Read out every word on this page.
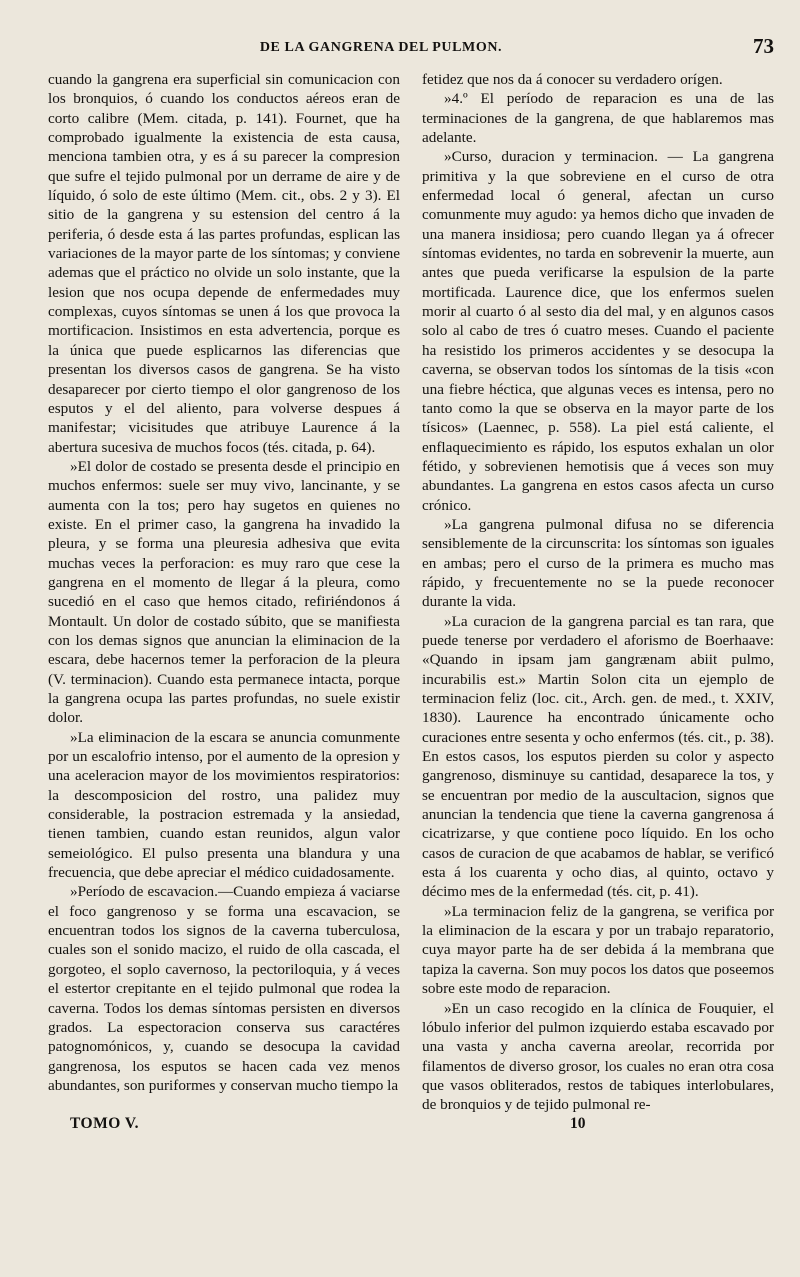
DE LA GANGRENA DEL PULMON.	73

cuando la gangrena era superficial sin comunicacion con los bronquios, ó cuando los conductos aéreos eran de corto calibre (Mem. citada, p. 141). Fournet, que ha comprobado igualmente la existencia de esta causa, menciona tambien otra, y es á su parecer la compresion que sufre el tejido pulmonal por un derrame de aire y de líquido, ó solo de este último (Mem. cit., obs. 2 y 3). El sitio de la gangrena y su estension del centro á la periferia, ó desde esta á las partes profundas, esplican las variaciones de la mayor parte de los síntomas; y conviene ademas que el práctico no olvide un solo instante, que la lesion que nos ocupa depende de enfermedades muy complexas, cuyos síntomas se unen á los que provoca la mortificacion. Insistimos en esta advertencia, porque es la única que puede esplicarnos las diferencias que presentan los diversos casos de gangrena. Se ha visto desaparecer por cierto tiempo el olor gangrenoso de los esputos y el del aliento, para volverse despues á manifestar; vicisitudes que atribuye Laurence á la abertura sucesiva de muchos focos (tés. citada, p. 64).

»El dolor de costado se presenta desde el principio en muchos enfermos: suele ser muy vivo, lancinante, y se aumenta con la tos; pero hay sugetos en quienes no existe. En el primer caso, la gangrena ha invadido la pleura, y se forma una pleuresia adhesiva que evita muchas veces la perforacion: es muy raro que cese la gangrena en el momento de llegar á la pleura, como sucedió en el caso que hemos citado, refiriéndonos á Montault. Un dolor de costado súbito, que se manifiesta con los demas signos que anuncian la eliminacion de la escara, debe hacernos temer la perforacion de la pleura (V. terminacion). Cuando esta permanece intacta, porque la gangrena ocupa las partes profundas, no suele existir dolor.

»La eliminacion de la escara se anuncia comunmente por un escalofrio intenso, por el aumento de la opresion y una aceleracion mayor de los movimientos respiratorios: la descomposicion del rostro, una palidez muy considerable, la postracion estremada y la ansiedad, tienen tambien, cuando estan reunidos, algun valor semeiológico. El pulso presenta una blandura y una frecuencia, que debe apreciar el médico cuidadosamente.

»Período de escavacion.—Cuando empieza á vaciarse el foco gangrenoso y se forma una escavacion, se encuentran todos los signos de la caverna tuberculosa, cuales son el sonido macizo, el ruido de olla cascada, el gorgoteo, el soplo cavernoso, la pectoriloquia, y á veces el estertor crepitante en el tejido pulmonal que rodea la caverna. Todos los demas síntomas persisten en diversos grados. La espectoracion conserva sus caractéres patognomónicos, y, cuando se desocupa la cavidad gangrenosa, los esputos se hacen cada vez menos abundantes, son puriformes y conservan mucho tiempo la

fetidez que nos da á conocer su verdadero orígen.

»4.º El período de reparacion es una de las terminaciones de la gangrena, de que hablaremos mas adelante.

»Curso, duracion y terminacion. — La gangrena primitiva y la que sobreviene en el curso de otra enfermedad local ó general, afectan un curso comunmente muy agudo: ya hemos dicho que invaden de una manera insidiosa; pero cuando llegan ya á ofrecer síntomas evidentes, no tarda en sobrevenir la muerte, aun antes que pueda verificarse la espulsion de la parte mortificada. Laurence dice, que los enfermos suelen morir al cuarto ó al sesto dia del mal, y en algunos casos solo al cabo de tres ó cuatro meses. Cuando el paciente ha resistido los primeros accidentes y se desocupa la caverna, se observan todos los síntomas de la tisis «con una fiebre héctica, que algunas veces es intensa, pero no tanto como la que se observa en la mayor parte de los tísicos» (Laennec, p. 558). La piel está caliente, el enflaquecimiento es rápido, los esputos exhalan un olor fétido, y sobrevienen hemotisis que á veces son muy abundantes. La gangrena en estos casos afecta un curso crónico.

»La gangrena pulmonal difusa no se diferencia sensiblemente de la circunscrita: los síntomas son iguales en ambas; pero el curso de la primera es mucho mas rápido, y frecuentemente no se la puede reconocer durante la vida.

»La curacion de la gangrena parcial es tan rara, que puede tenerse por verdadero el aforismo de Boerhaave: «Quando in ipsam jam gangrænam abiit pulmo, incurabilis est.» Martin Solon cita un ejemplo de terminacion feliz (loc. cit., Arch. gen. de med., t. XXIV, 1830). Laurence ha encontrado únicamente ocho curaciones entre sesenta y ocho enfermos (tés. cit., p. 38). En estos casos, los esputos pierden su color y aspecto gangrenoso, disminuye su cantidad, desaparece la tos, y se encuentran por medio de la auscultacion, signos que anuncian la tendencia que tiene la caverna gangrenosa á cicatrizarse, y que contiene poco líquido. En los ocho casos de curacion de que acabamos de hablar, se verificó esta á los cuarenta y ocho dias, al quinto, octavo y décimo mes de la enfermedad (tés. cit, p. 41).

»La terminacion feliz de la gangrena, se verifica por la eliminacion de la escara y por un trabajo reparatorio, cuya mayor parte ha de ser debida á la membrana que tapiza la caverna. Son muy pocos los datos que poseemos sobre este modo de reparacion.

»En un caso recogido en la clínica de Fouquier, el lóbulo inferior del pulmon izquierdo estaba escavado por una vasta y ancha caverna areolar, recorrida por filamentos de diverso grosor, los cuales no eran otra cosa que vasos obliterados, restos de tabiques interlobulares, de bronquios y de tejido pulmonal re-

TOMO V.	10
